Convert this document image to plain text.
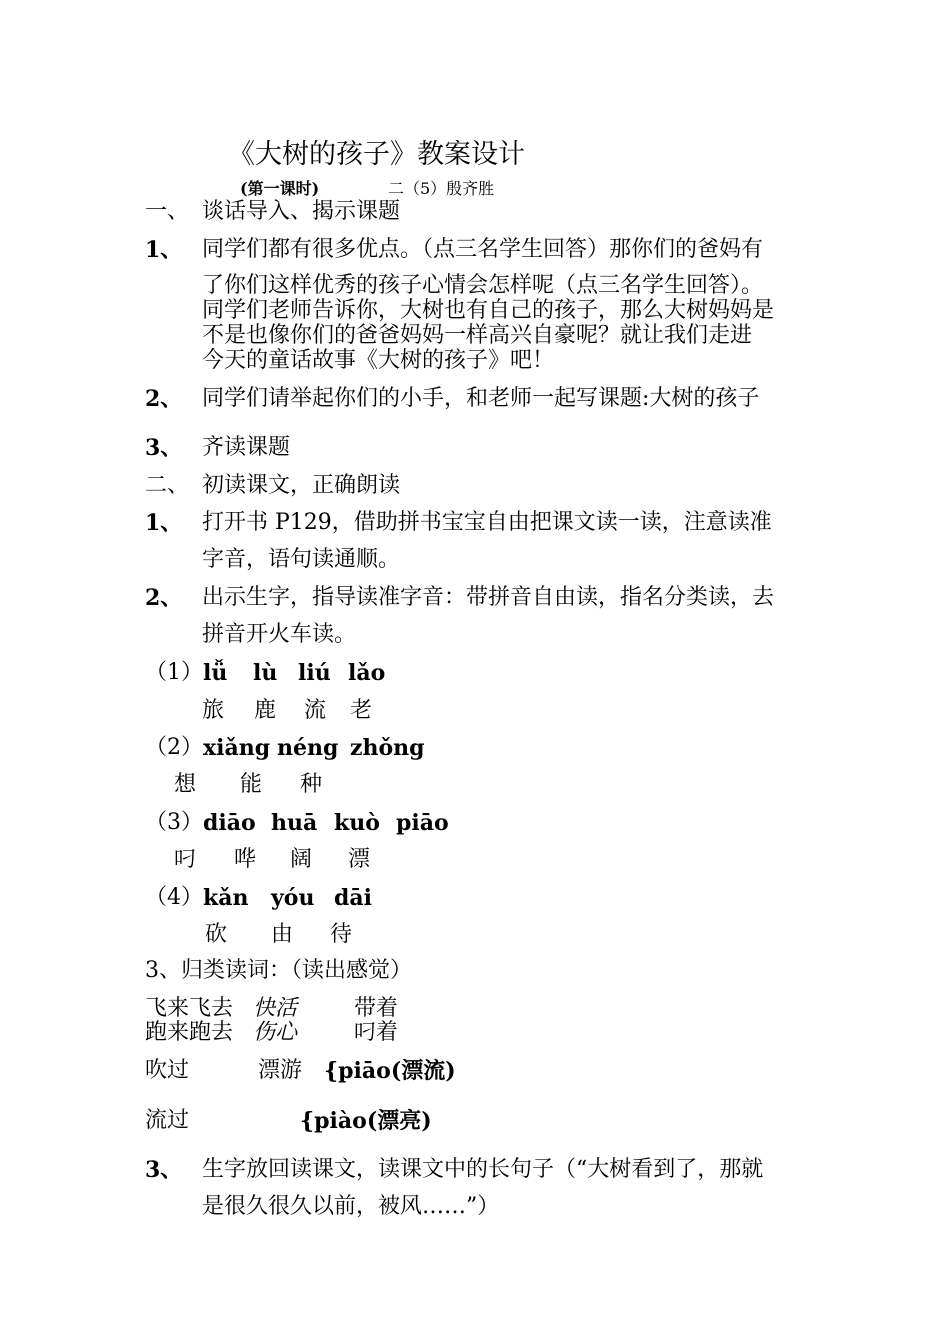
《大树的孩子》教案设计
(第一课时)	二（5）殷齐胜
一、 谈话导入、揭示课题
1、 同学们都有很多优点。（点三名学生回答）那你们的爸妈有
了你们这样优秀的孩子心情会怎样呢（点三名学生回答）。
同学们老师告诉你，大树也有自己的孩子，那么大树妈妈是
不是也像你们的爸爸妈妈一样高兴自豪呢？就让我们走进
今天的童话故事《大树的孩子》吧！
2、 同学们请举起你们的小手，和老师一起写课题:大树的孩子
3、 齐读课题
二、 初读课文，正确朗读
1、 打开书 P129，借助拼书宝宝自由把课文读一读，注意读准
字音，语句读通顺。
2、 出示生字，指导读准字音：带拼音自由读，指名分类读，去
拼音开火车读。
（1） lǚ lù liú lǎo
旅 鹿 流 老
（2） xiǎng néng zhǒng
想 能 种
（3） diāo huā kuò piāo
叼 哗 阔 漂
（4） kǎn yóu dāi
砍 由 待
3、归类读词：（读出感觉）
飞来飞去 快活	带着
跑来跑去 伤心	叼着
吹过	漂游 {piāo(漂流)
流过	{piào(漂亮)
3、 生字放回读课文，读课文中的长句子（“大树看到了，那就
是很久很久以前，被风……”）
